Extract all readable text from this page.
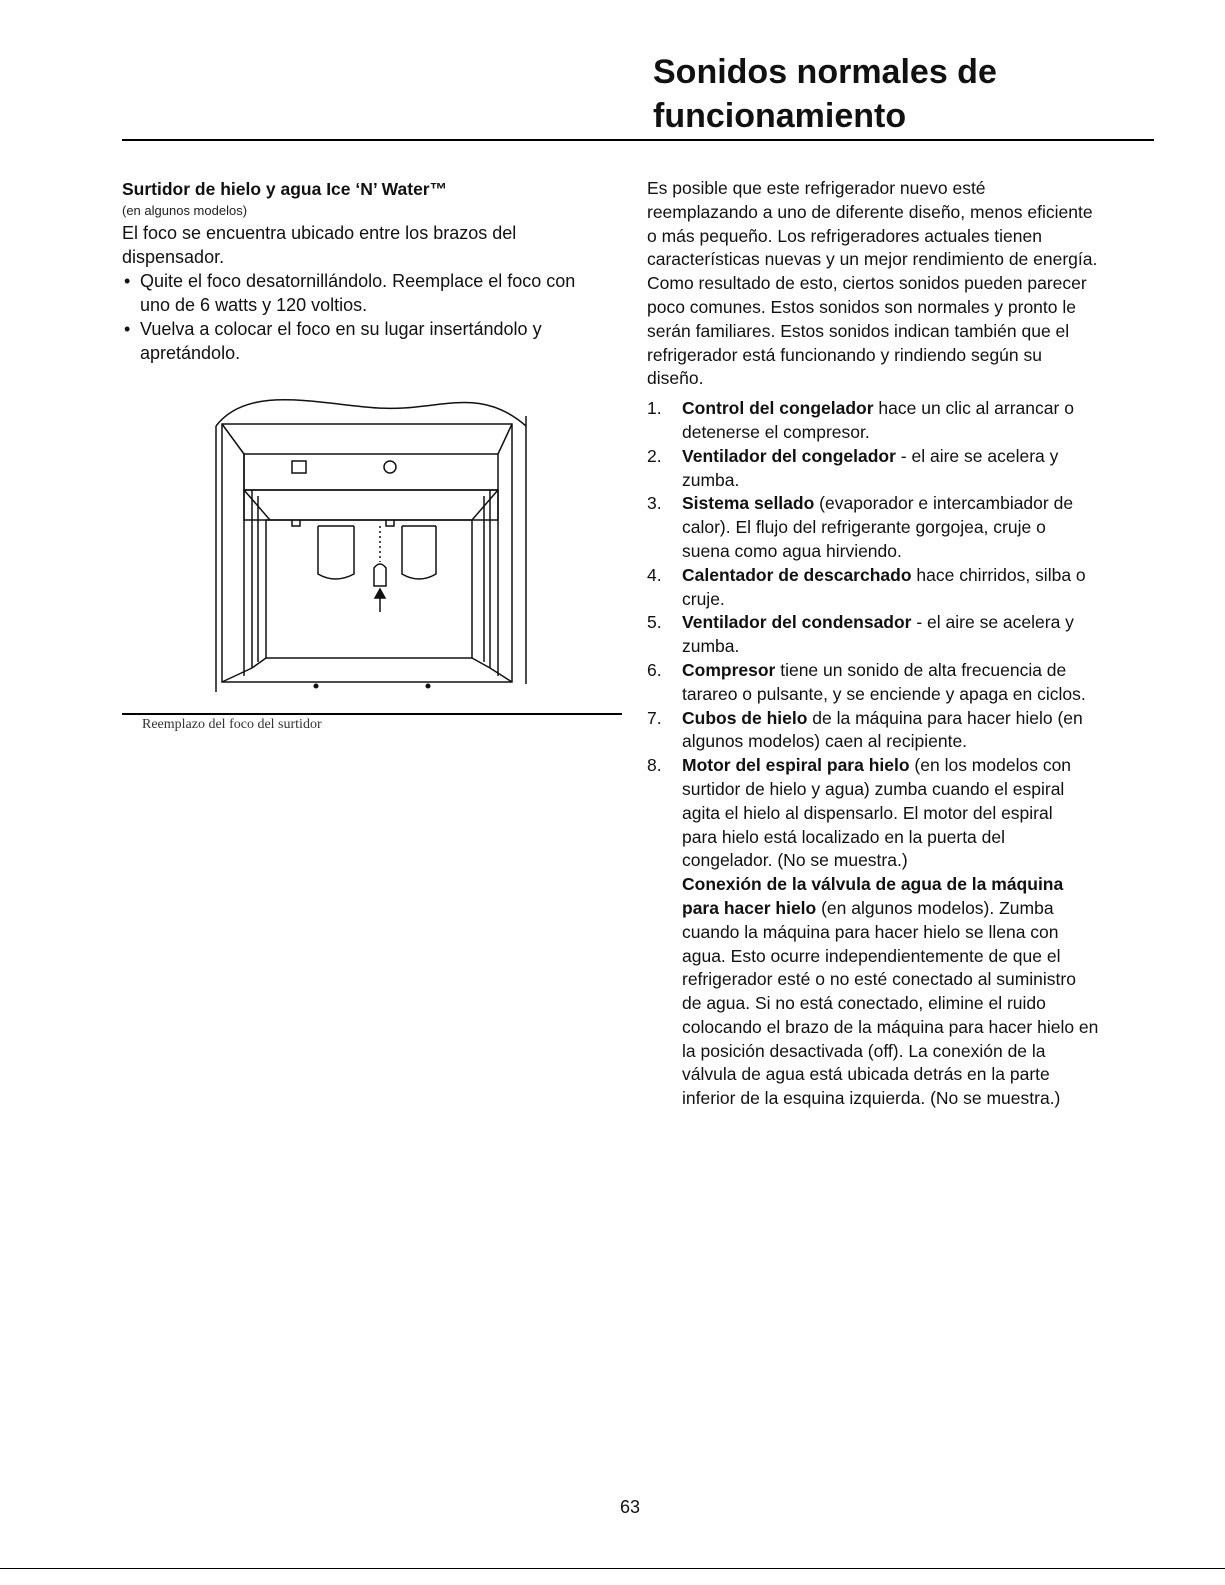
Sonidos normales de
funcionamiento

Surtidor de hielo y agua Ice ‘N’ Water™

(en algunos modelos)

El foco se encuentra ubicado entre los brazos del
dispensador.

• Quite el foco desatornillándolo. Reemplace el foco con
uno de 6 watts y 120 voltios.
• Vuelva a colocar el foco en su lugar insertándolo y
apretándolo.
Reemplazo del foco del surtidor

Es posible que este refrigerador nuevo esté
reemplazando a uno de diferente diseño, menos eficiente
o más pequeño. Los refrigeradores actuales tienen
características nuevas y un mejor rendimiento de energía.
Como resultado de esto, ciertos sonidos pueden parecer
poco comunes. Estos sonidos son normales y pronto le
serán familiares. Estos sonidos indican también que el
refrigerador está funcionando y rindiendo según su
diseño.

1. Control del congelador hace un clic al arrancar o
detenerse el compresor.
2. Ventilador del congelador - el aire se acelera y
zumba.
3. Sistema sellado (evaporador e intercambiador de
calor). El flujo del refrigerante gorgojea, cruje o
suena como agua hirviendo.
4. Calentador de descarchado hace chirridos, silba o
cruje.
5. Ventilador del condensador - el aire se acelera y
zumba.
6. Compresor tiene un sonido de alta frecuencia de
tarareo o pulsante, y se enciende y apaga en ciclos.
7. Cubos de hielo de la máquina para hacer hielo (en
algunos modelos) caen al recipiente.
8. Motor del espiral para hielo (en los modelos con
surtidor de hielo y agua) zumba cuando el espiral
agita el hielo al dispensarlo. El motor del espiral
para hielo está localizado en la puerta del
congelador. (No se muestra.)

Conexión de la válvula de agua de la máquina
para hacer hielo (en algunos modelos). Zumba
cuando la máquina para hacer hielo se llena con
agua. Esto ocurre independientemente de que el
refrigerador esté o no esté conectado al suministro
de agua. Si no está conectado, elimine el ruido
colocando el brazo de la máquina para hacer hielo en
la posición desactivada (off). La conexión de la
válvula de agua está ubicada detrás en la parte
inferior de la esquina izquierda. (No se muestra.)

63
